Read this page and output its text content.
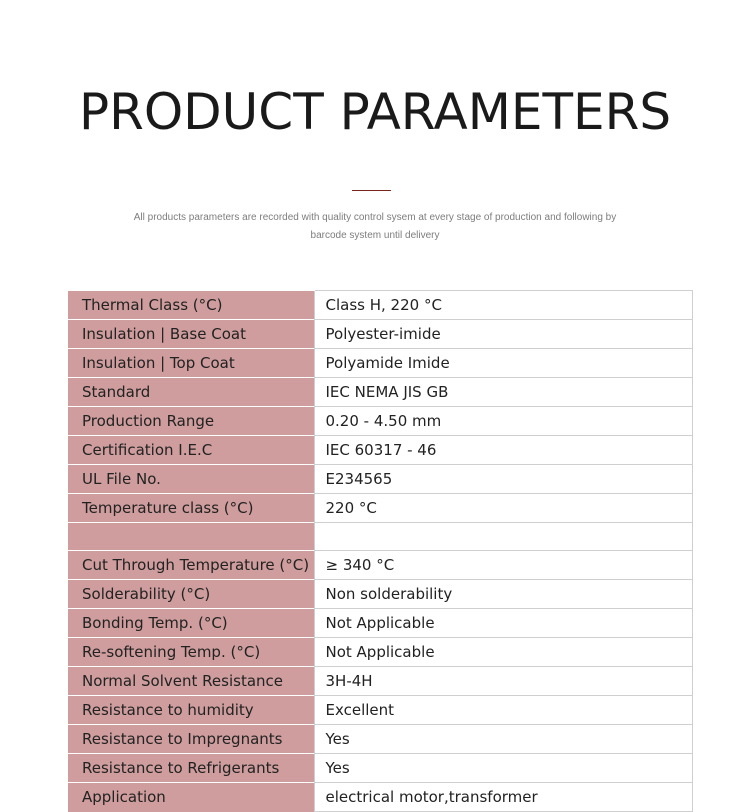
PRODUCT PARAMETERS

All products parameters are recorded with quality control sysem at every stage of production and following by barcode system until delivery

Thermal Class (°C)	Class H, 220 °C
Insulation | Base Coat	Polyester-imide
Insulation | Top Coat	Polyamide Imide
Standard	IEC NEMA JIS GB
Production Range	0.20 - 4.50 mm
Certification I.E.C	IEC 60317 - 46
UL File No.	E234565
Temperature class (°C)	220 °C

Cut Through Temperature (°C)	≥ 340 °C
Solderability (°C)	Non solderability
Bonding Temp. (°C)	Not Applicable
Re-softening Temp. (°C)	Not Applicable
Normal Solvent Resistance	3H-4H
Resistance to humidity	Excellent
Resistance to Impregnants	Yes
Resistance to Refrigerants	Yes
Application	electrical motor,transformer
